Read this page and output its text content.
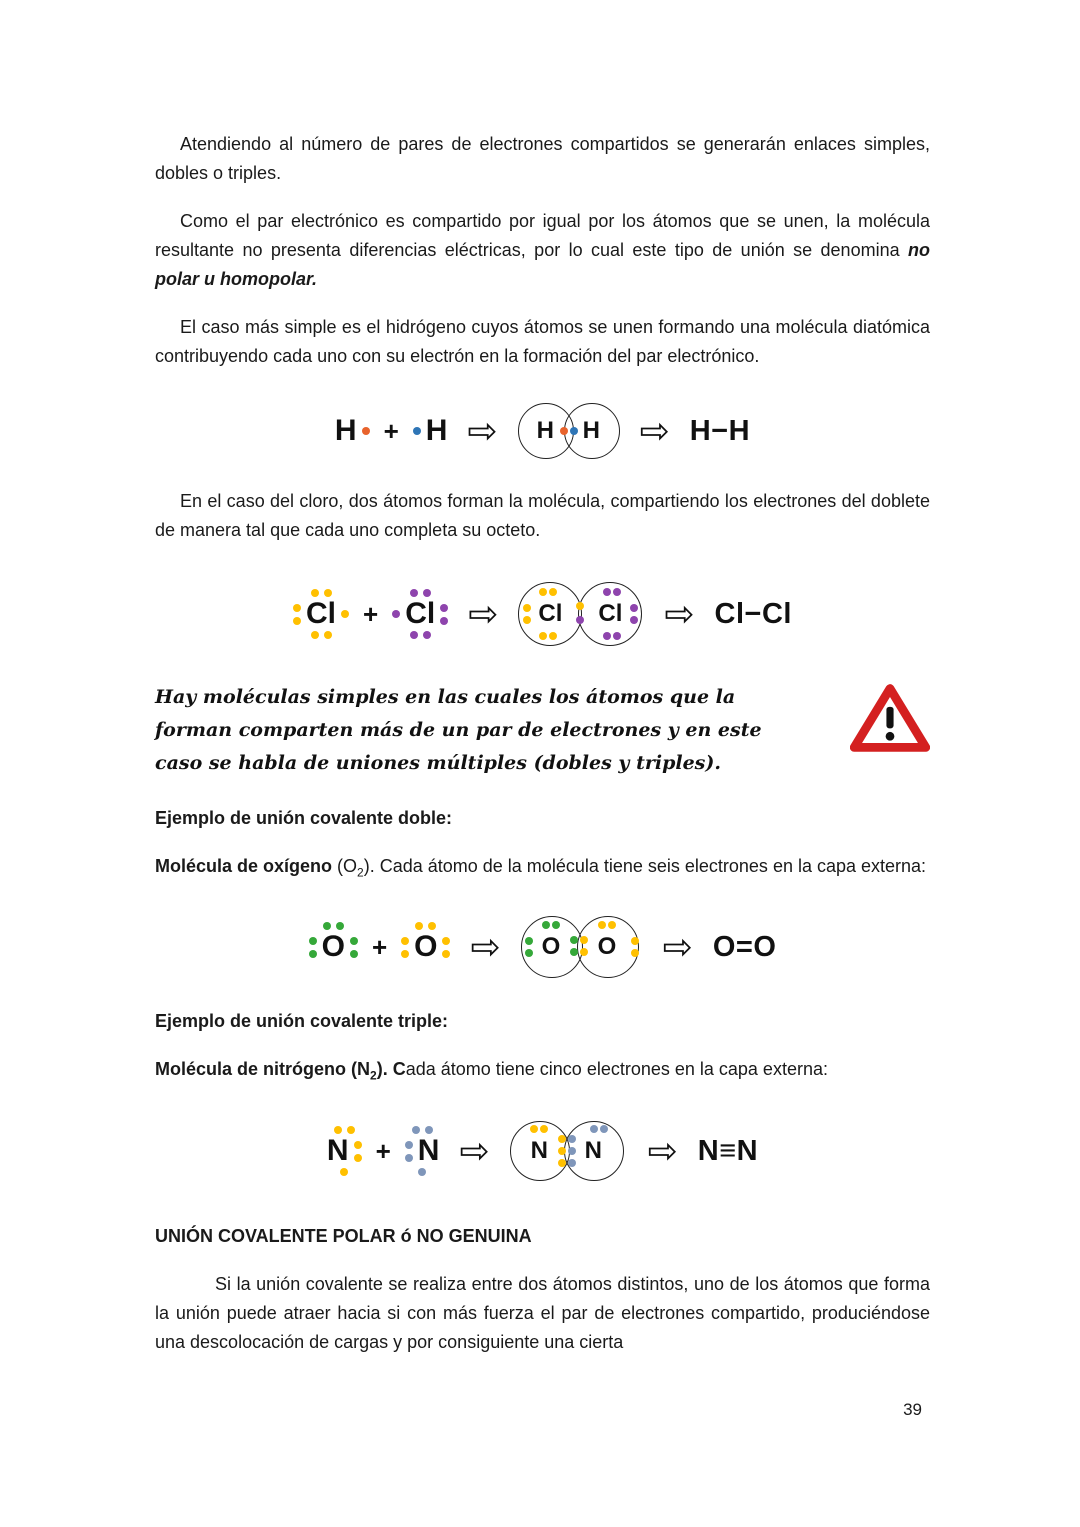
Atendiendo al número de pares de electrones compartidos se generarán enlaces simples, dobles o triples.

Como el par electrónico es compartido por igual por los átomos que se unen, la molécula resultante no presenta diferencias eléctricas, por lo cual este tipo de unión se denomina no polar u homopolar.

El caso más simple es el hidrógeno cuyos átomos se unen formando una molécula diatómica contribuyendo cada uno con su electrón en la formación del par electrónico.

H + H ⇨ H H ⇨ H−H

En el caso del cloro, dos átomos forman la molécula, compartiendo los electrones del doblete de manera tal que cada uno completa su octeto.

Cl + Cl ⇨ Cl Cl ⇨ Cl−Cl
Hay moléculas simples en las cuales los átomos que la forman comparten más de un par de electrones y en este caso se habla de uniones múltiples (dobles y triples).
Ejemplo de unión covalente doble:

Molécula de oxígeno $(O_2)$. Cada átomo de la molécula tiene seis electrones en la capa externa:

O + O ⇨ O O ⇨ O=O
Ejemplo de unión covalente triple:

Molécula de nitrógeno $(N_2)$. Cada átomo tiene cinco electrones en la capa externa:

N + N ⇨ N N ⇨ N≡N
UNIÓN COVALENTE POLAR ó NO GENUINA

Si la unión covalente se realiza entre dos átomos distintos, uno de los átomos que forma la unión puede atraer hacia si con más fuerza el par de electrones compartido, produciéndose una descolocación de cargas y por consiguiente una cierta

39
